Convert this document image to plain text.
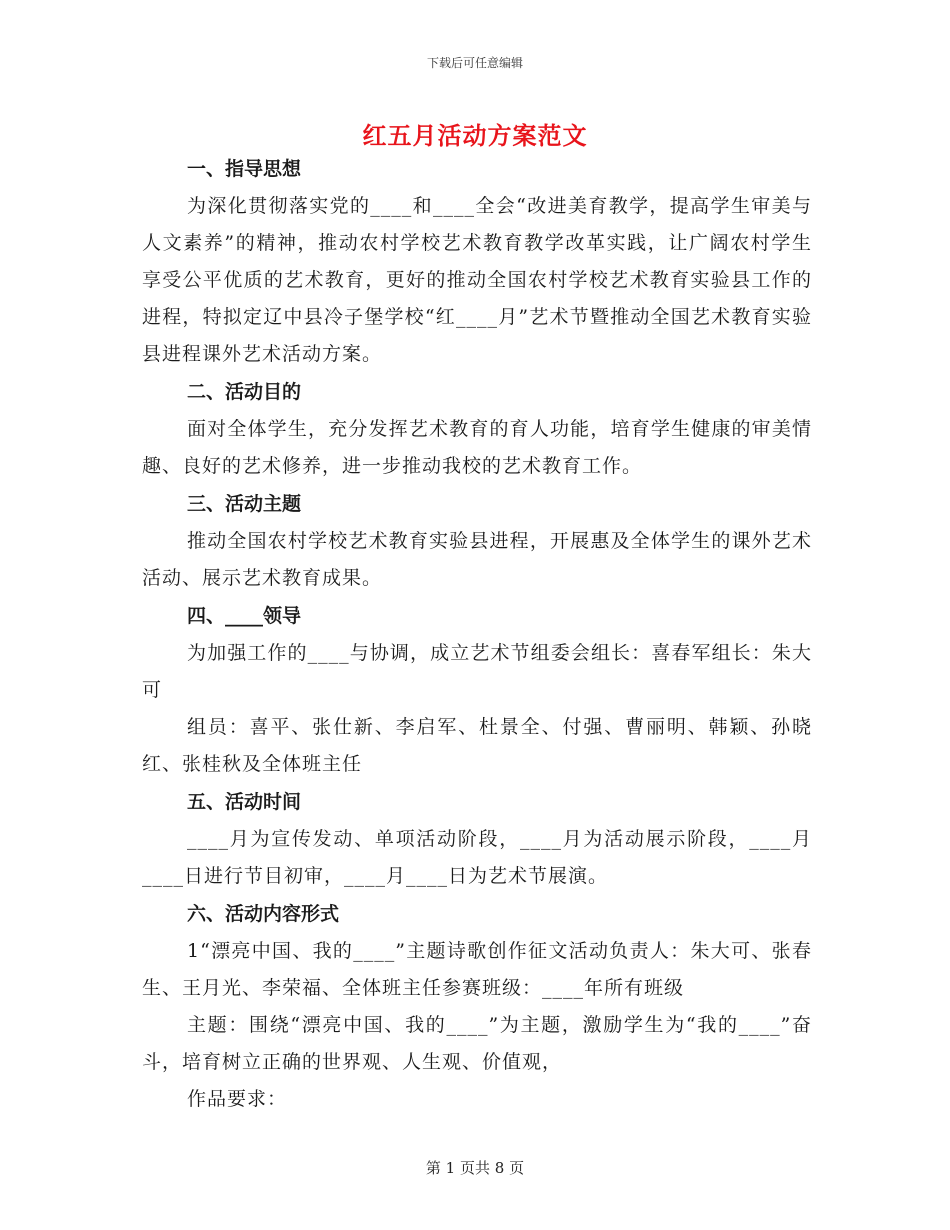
下载后可任意编辑
红五月活动方案范文
一、指导思想

为深化贯彻落实党的____和____全会“改进美育教学，提高学生审美与人文素养”的精神，推动农村学校艺术教育教学改革实践，让广阔农村学生享受公平优质的艺术教育，更好的推动全国农村学校艺术教育实验县工作的进程，特拟定辽中县冷子堡学校“红____月”艺术节暨推动全国艺术教育实验县进程课外艺术活动方案。

二、活动目的

面对全体学生，充分发挥艺术教育的育人功能，培育学生健康的审美情趣、良好的艺术修养，进一步推动我校的艺术教育工作。

三、活动主题

推动全国农村学校艺术教育实验县进程，开展惠及全体学生的课外艺术活动、展示艺术教育成果。

四、____领导

为加强工作的____与协调，成立艺术节组委会组长：喜春军组长：朱大可

组员：喜平、张仕新、李启军、杜景全、付强、曹丽明、韩颖、孙晓红、张桂秋及全体班主任

五、活动时间

____月为宣传发动、单项活动阶段，____月为活动展示阶段，____月____日进行节目初审，____月____日为艺术节展演。

六、活动内容形式

1“漂亮中国、我的____”主题诗歌创作征文活动负责人：朱大可、张春生、王月光、李荣福、全体班主任参赛班级：____年所有班级

主题：围绕“漂亮中国、我的____”为主题，激励学生为“我的____”奋斗，培育树立正确的世界观、人生观、价值观，

作品要求：

第 1 页共 8 页
